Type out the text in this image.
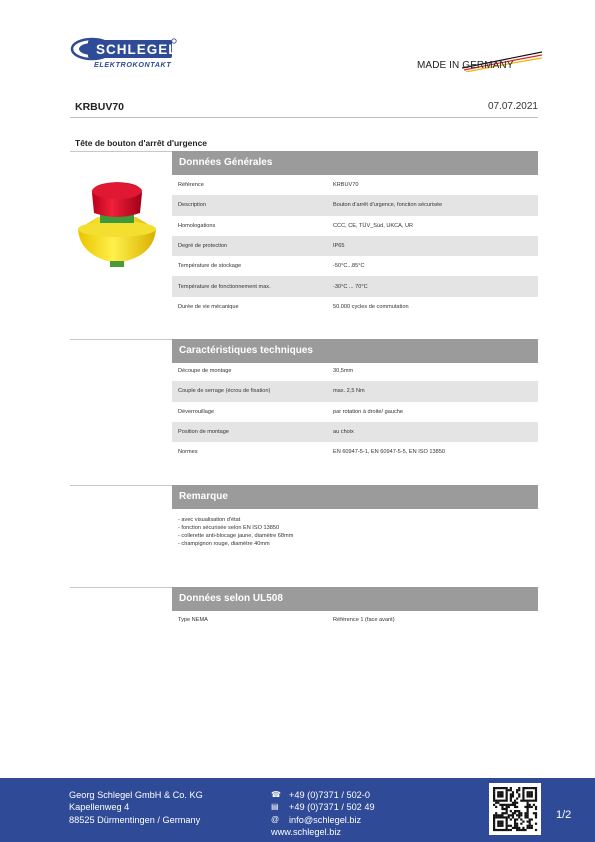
SCHLEGEL
ELEKTROKONTAKT	MADE IN GERMANY
KRBUV70	07.07.2021
Tête de bouton d'arrêt d'urgence
Données Générales
Référence	KRBUV70
Description	Bouton d'arrêt d'urgence, fonction sécurisée
Homologations	CCC, CE, TÜV_Süd, UKCA, UR
Degré de protection	IP65
Température de stockage	-50°C...85°C
Température de fonctionnement max.	-30°C ... 70°C
Durée de vie mécanique	50.000 cycles de commutation
Caractéristiques techniques
Découpe de montage	30,5mm
Couple de serrage (écrou de fixation)	max. 2,5 Nm
Déverrouillage	par rotation à droite/ gauche
Position de montage	au choix
Normes	EN 60947-5-1, EN 60947-5-5, EN ISO 13850
Remarque
- avec visualisation d'état
- fonction sécurisée selon EN ISO 13850
- collerette anti-blocage jaune, diamètre 68mm
- champignon rouge, diamètre 40mm
Données selon UL508
Type NEMA	Référence 1 (face avant)
Georg Schlegel GmbH & Co. KG
Kapellenweg 4
88525 Dürmentingen / Germany
☎ +49 (0)7371 / 502-0
▤	+49 (0)7371 / 502 49
@	info@schlegel.biz
www.schlegel.biz
1/2
